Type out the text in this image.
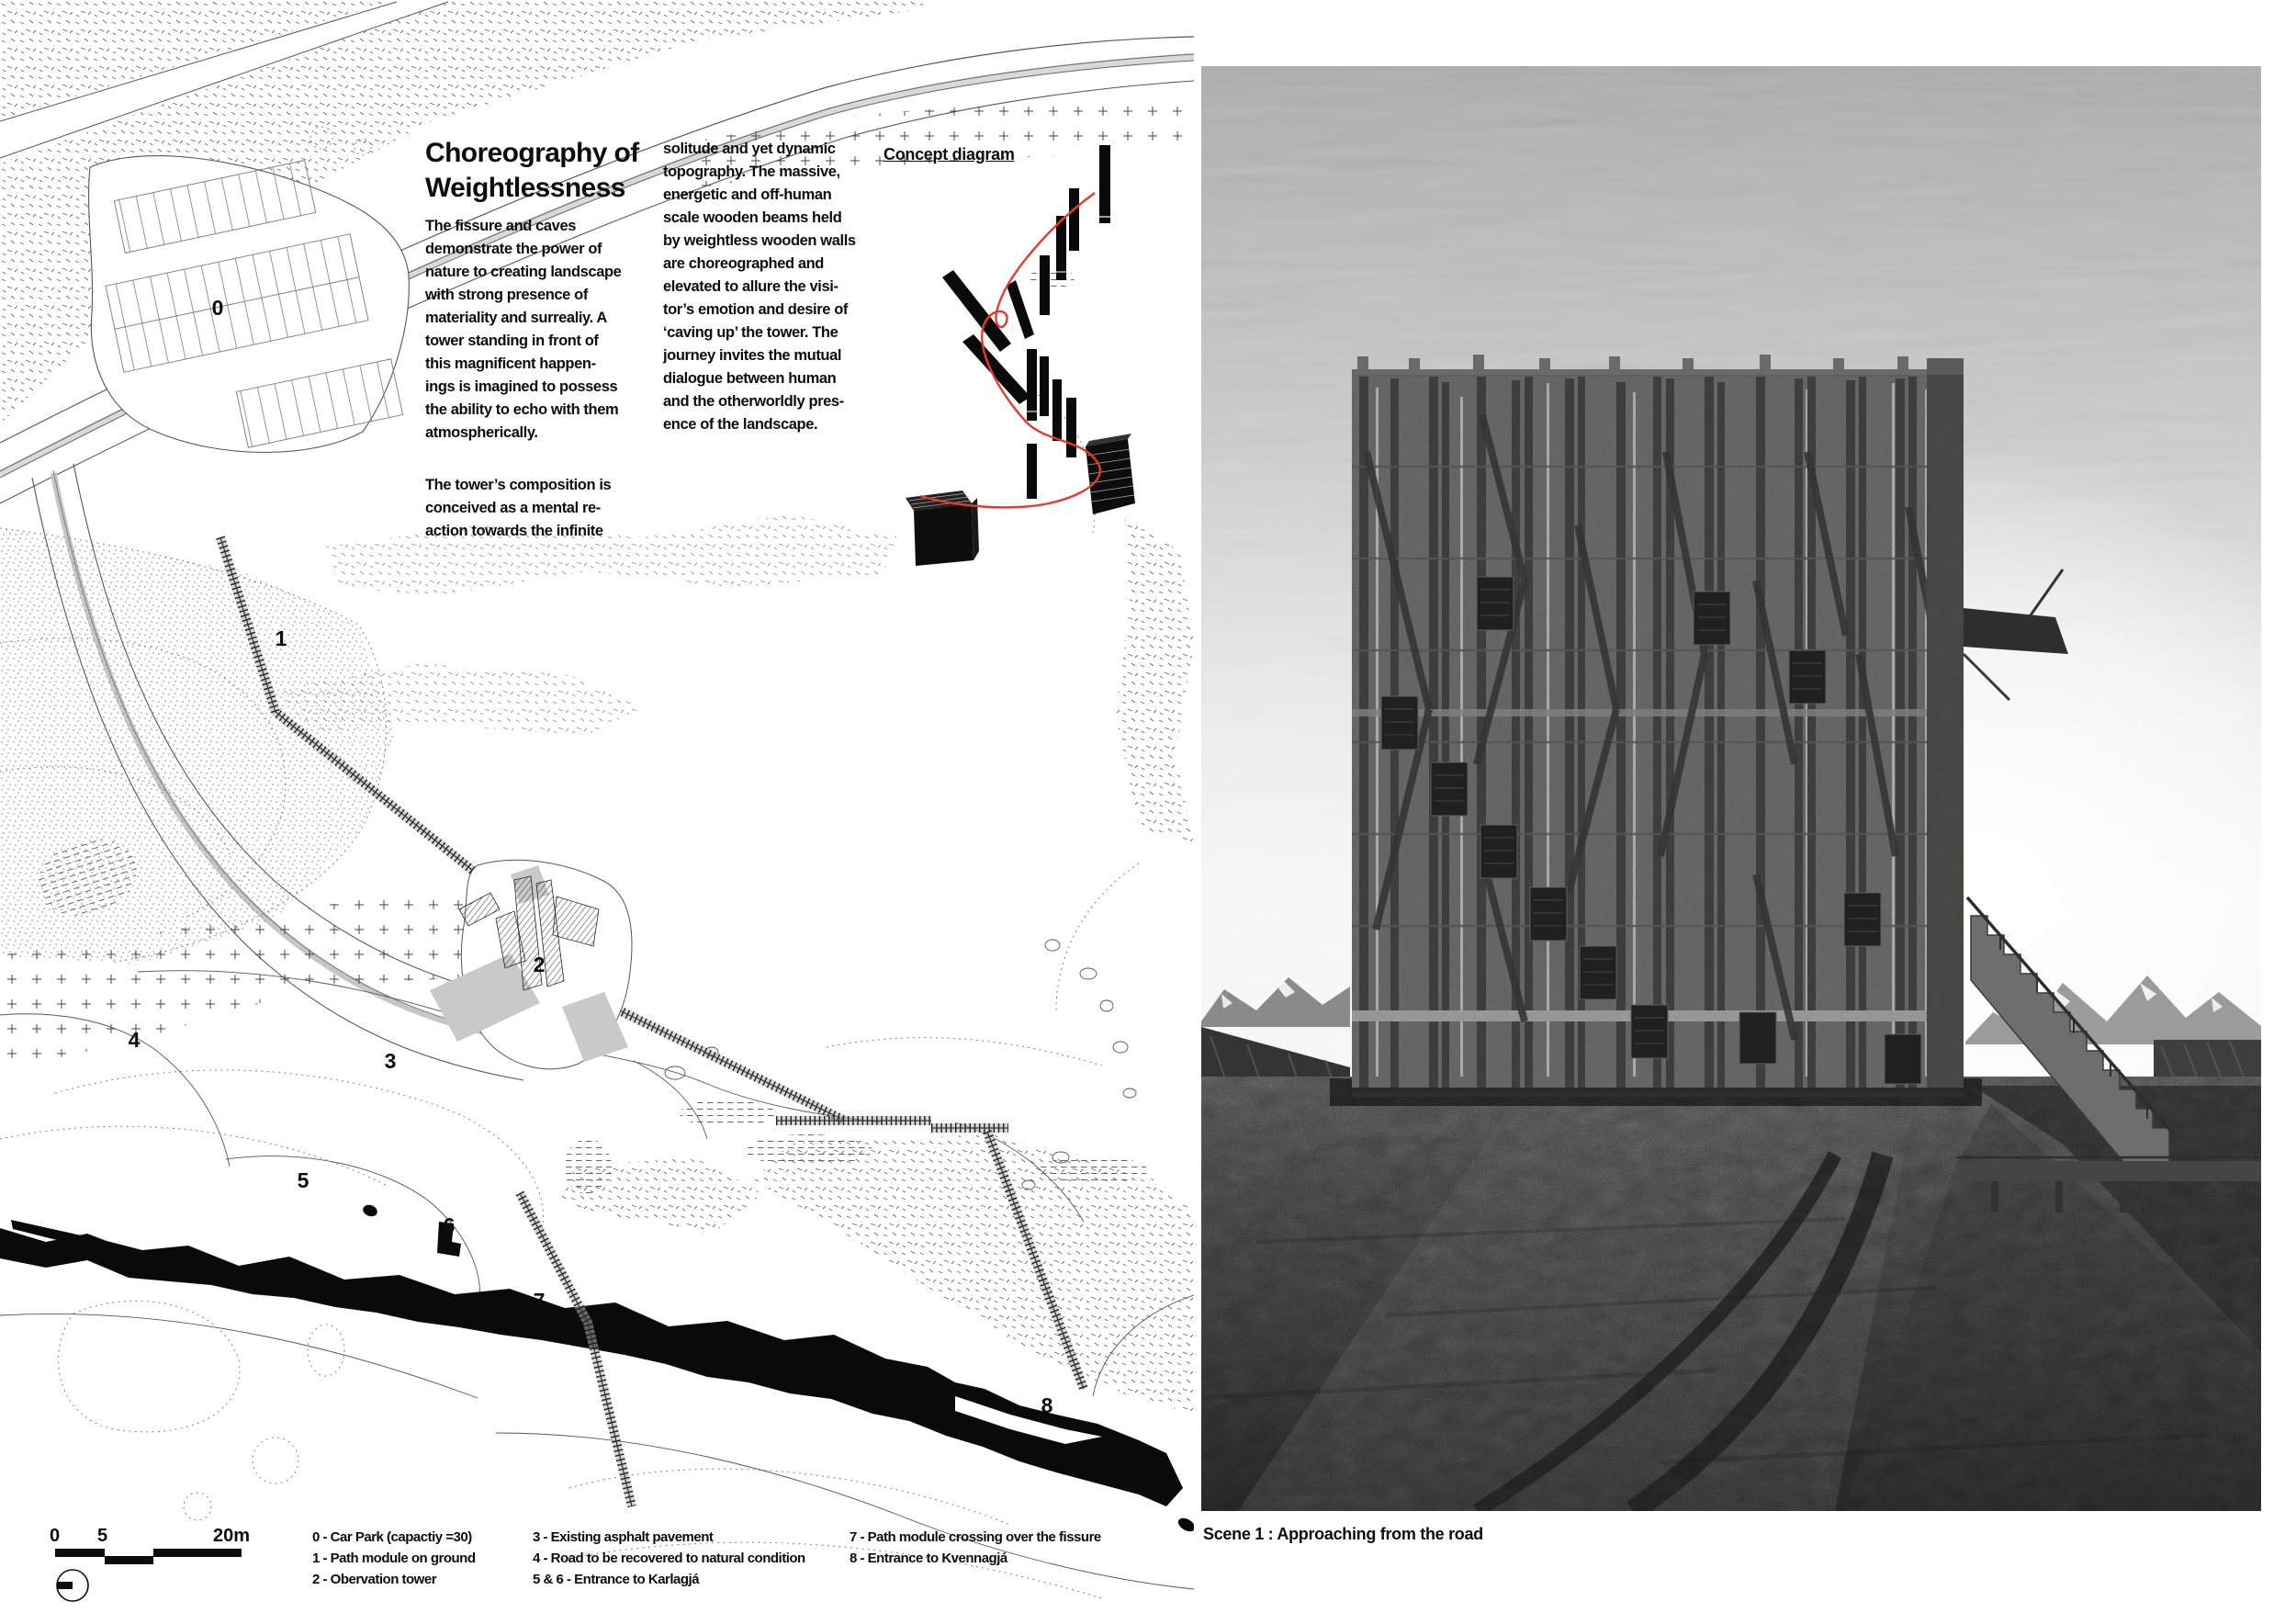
0
1
2
3
4
5
6
7
8
0 5	20m
Choreography of
Weightlessness
The fissure and caves
demonstrate the power of
nature to creating landscape
with strong presence of
materiality and surrealiy. A
tower standing in front of
this magnificent happen-
ings is imagined to possess
the ability to echo with them
atmospherically.
The tower’s composition is
conceived as a mental re-
action towards the infinite
solitude and yet dynamic
topography. The massive,
energetic and off-human
scale wooden beams held
by weightless wooden walls
are choreographed and
elevated to allure the visi-
tor’s emotion and desire of
‘caving up’ the tower. The
journey invites the mutual
dialogue between human
and the otherworldly pres-
ence of the landscape.
Concept diagram
0 - Car Park (capactiy =30)
1 - Path module on ground
2 - Obervation tower
3 - Existing asphalt pavement
4 - Road to be recovered to natural condition
5 & 6 - Entrance to Karlagjá
7 - Path module crossing over the fissure
8 - Entrance to Kvennagjá
Scene 1 : Approaching from the road
